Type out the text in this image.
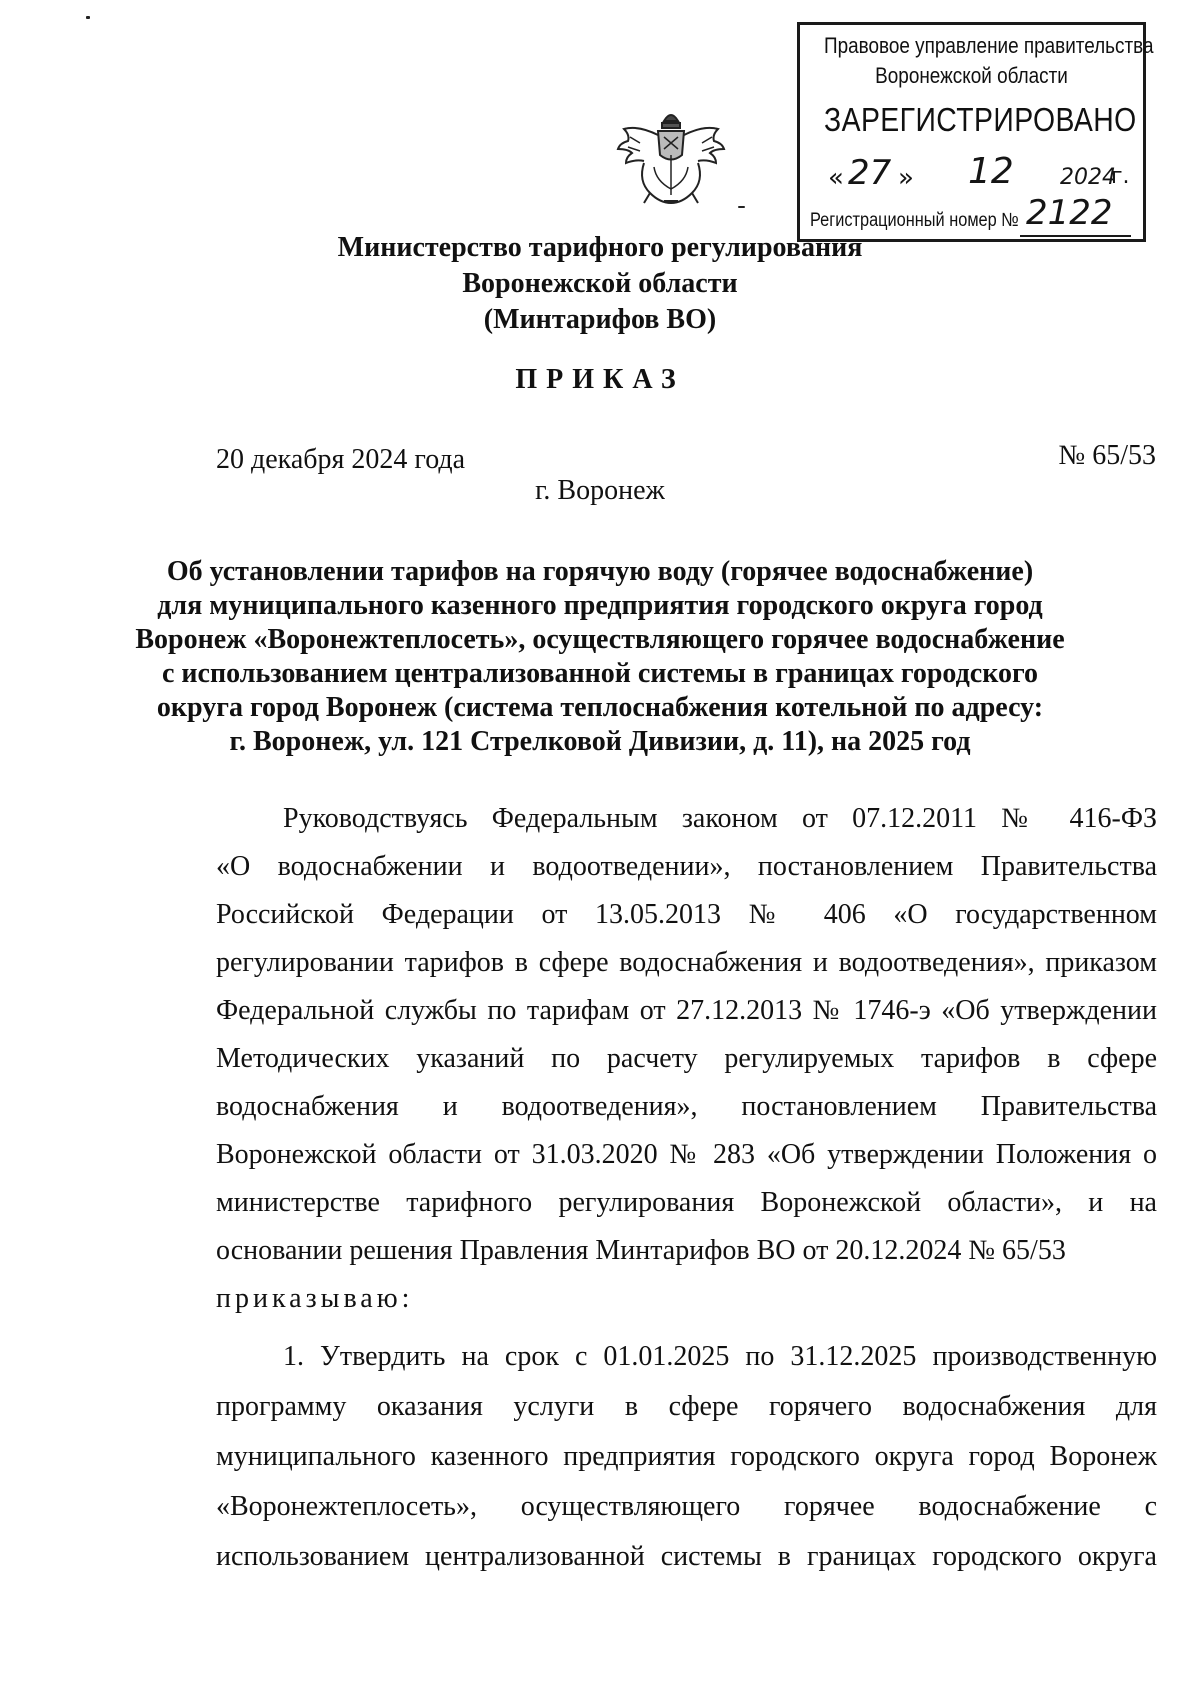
Правовое управление правительства
Воронежской области
ЗАРЕГИСТРИРОВАНО
« 27 » 12 2024
г.
Регистрационный номер № 2122
Министерство тарифного регулирования
Воронежской области
(Минтарифов ВО)
ПРИКАЗ
20 декабря 2024 года	№ 65/53
г. Воронеж
Об установлении тарифов на горячую воду (горячее водоснабжение)
для муниципального казенного предприятия городского округа город
Воронеж «Воронежтеплосеть», осуществляющего горячее водоснабжение
с использованием централизованной системы в границах городского
округа город Воронеж (система теплоснабжения котельной по адресу:
г. Воронеж, ул. 121 Стрелковой Дивизии, д. 11), на 2025 год
Руководствуясь Федеральным законом от 07.12.2011 № 416-ФЗ
«О водоснабжении и водоотведении», постановлением Правительства
Российской Федерации от 13.05.2013 № 406 «О государственном
регулировании тарифов в сфере водоснабжения и водоотведения», приказом
Федеральной службы по тарифам от 27.12.2013 № 1746-э «Об утверждении
Методических указаний по расчету регулируемых тарифов в сфере
водоснабжения и водоотведения», постановлением Правительства
Воронежской области от 31.03.2020 № 283 «Об утверждении Положения о
министерстве тарифного регулирования Воронежской области», и на
основании решения Правления Минтарифов ВО от 20.12.2024 № 65/53
приказываю:
1. Утвердить на срок с 01.01.2025 по 31.12.2025 производственную
программу оказания услуги в сфере горячего водоснабжения для
муниципального казенного предприятия городского округа город Воронеж
«Воронежтеплосеть», осуществляющего горячее водоснабжение с
использованием централизованной системы в границах городского округа
